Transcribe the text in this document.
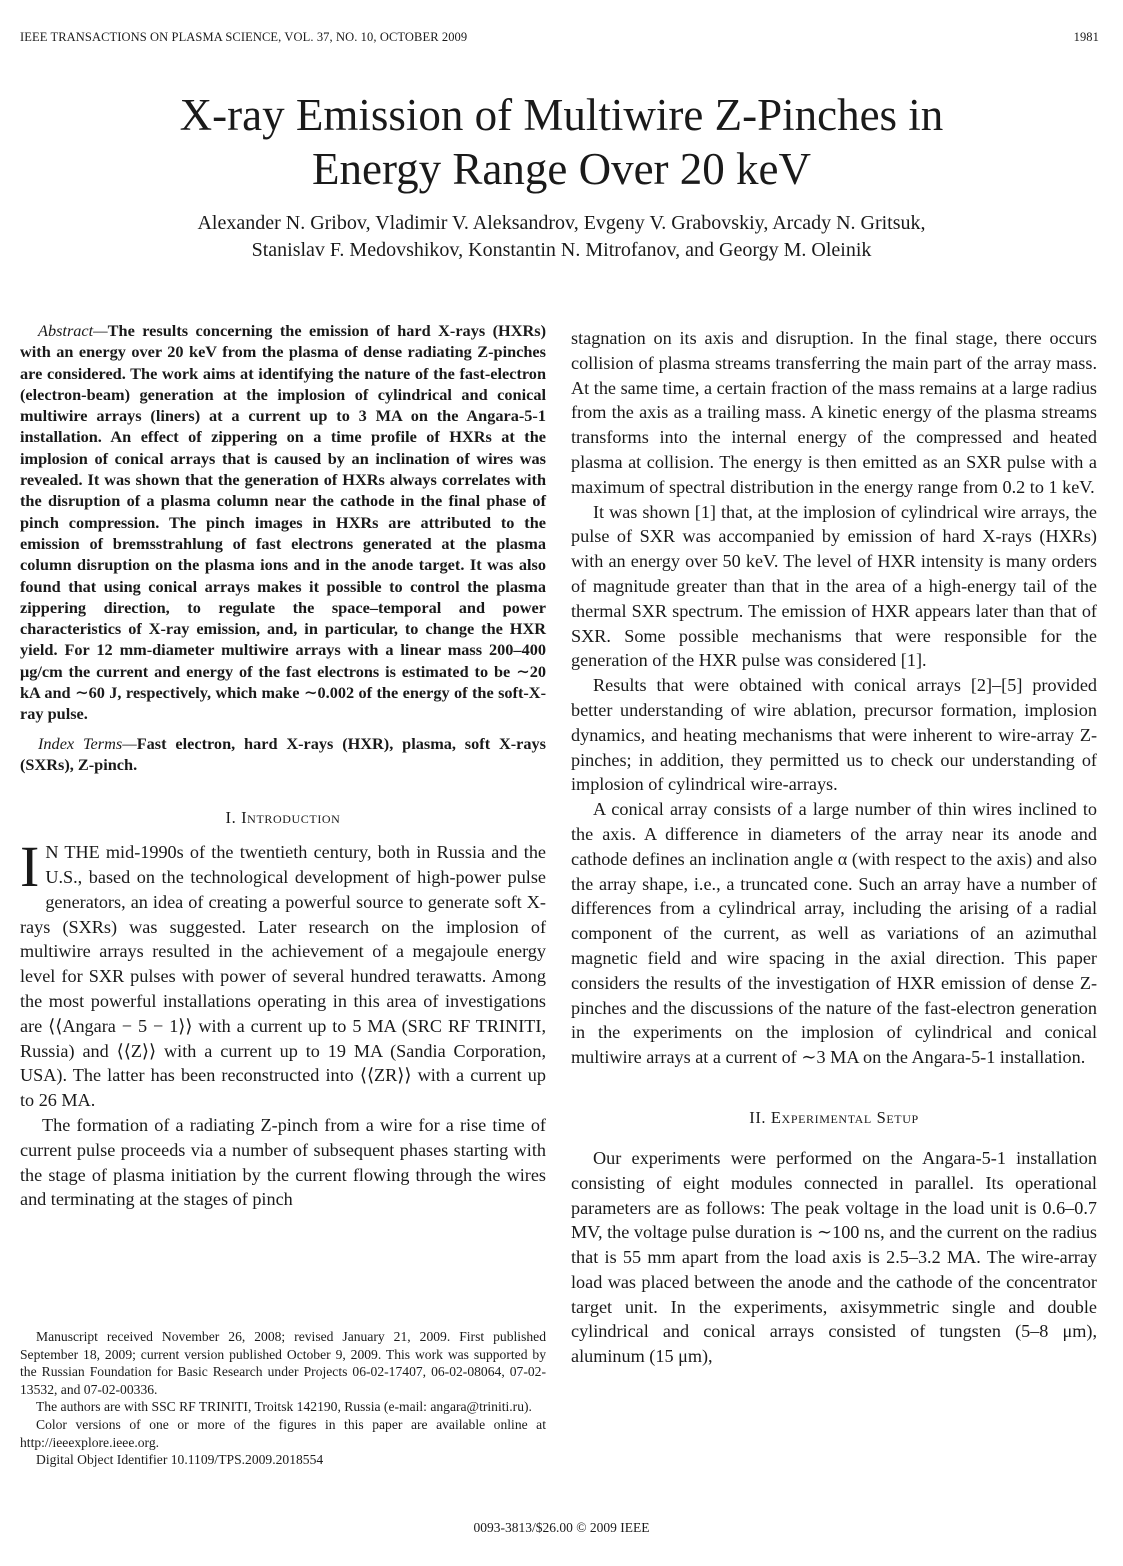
IEEE TRANSACTIONS ON PLASMA SCIENCE, VOL. 37, NO. 10, OCTOBER 2009	1981
X-ray Emission of Multiwire Z-Pinches in
Energy Range Over 20 keV
Alexander N. Gribov, Vladimir V. Aleksandrov, Evgeny V. Grabovskiy, Arcady N. Gritsuk,
Stanislav F. Medovshikov, Konstantin N. Mitrofanov, and Georgy M. Oleinik

Abstract—The results concerning the emission of hard X-rays (HXRs) with an energy over 20 keV from the plasma of dense radiating Z-pinches are considered. The work aims at identifying the nature of the fast-electron (electron-beam) generation at the implosion of cylindrical and conical multiwire arrays (liners) at a current up to 3 MA on the Angara-5-1 installation. An effect of zippering on a time profile of HXRs at the implosion of conical arrays that is caused by an inclination of wires was revealed. It was shown that the generation of HXRs always correlates with the disruption of a plasma column near the cathode in the final phase of pinch compression. The pinch images in HXRs are attributed to the emission of bremsstrahlung of fast electrons generated at the plasma column disruption on the plasma ions and in the anode target. It was also found that using conical arrays makes it possible to control the plasma zippering direction, to regulate the space–temporal and power characteristics of X-ray emission, and, in particular, to change the HXR yield. For 12 mm-diameter multiwire arrays with a linear mass 200–400 μg/cm the current and energy of the fast electrons is estimated to be ∼20 kA and ∼60 J, respectively, which make ∼0.002 of the energy of the soft-X-ray pulse.

Index Terms—Fast electron, hard X-rays (HXR), plasma, soft X-rays (SXRs), Z-pinch.

I. Introduction

I N THE mid-1990s of the twentieth century, both in Russia and the U.S., based on the technological development of high-power pulse generators, an idea of creating a powerful source to generate soft X-rays (SXRs) was suggested. Later research on the implosion of multiwire arrays resulted in the achievement of a megajoule energy level for SXR pulses with power of several hundred terawatts. Among the most powerful installations operating in this area of investigations are ⟨⟨Angara − 5 − 1⟩⟩ with a current up to 5 MA (SRC RF TRINITI, Russia) and ⟨⟨Z⟩⟩ with a current up to 19 MA (Sandia Corporation, USA). The latter has been reconstructed into ⟨⟨ZR⟩⟩ with a current up to 26 MA.

The formation of a radiating Z-pinch from a wire for a rise time of current pulse proceeds via a number of subsequent phases starting with the stage of plasma initiation by the current flowing through the wires and terminating at the stages of pinch

Manuscript received November 26, 2008; revised January 21, 2009. First published September 18, 2009; current version published October 9, 2009. This work was supported by the Russian Foundation for Basic Research under Projects 06-02-17407, 06-02-08064, 07-02-13532, and 07-02-00336.

The authors are with SSC RF TRINITI, Troitsk 142190, Russia (e-mail: angara@triniti.ru).

Color versions of one or more of the figures in this paper are available online at http://ieeexplore.ieee.org.

Digital Object Identifier 10.1109/TPS.2009.2018554

stagnation on its axis and disruption. In the final stage, there occurs collision of plasma streams transferring the main part of the array mass. At the same time, a certain fraction of the mass remains at a large radius from the axis as a trailing mass. A kinetic energy of the plasma streams transforms into the internal energy of the compressed and heated plasma at collision. The energy is then emitted as an SXR pulse with a maximum of spectral distribution in the energy range from 0.2 to 1 keV.

It was shown [1] that, at the implosion of cylindrical wire arrays, the pulse of SXR was accompanied by emission of hard X-rays (HXRs) with an energy over 50 keV. The level of HXR intensity is many orders of magnitude greater than that in the area of a high-energy tail of the thermal SXR spectrum. The emission of HXR appears later than that of SXR. Some possible mechanisms that were responsible for the generation of the HXR pulse was considered [1].

Results that were obtained with conical arrays [2]–[5] provided better understanding of wire ablation, precursor formation, implosion dynamics, and heating mechanisms that were inherent to wire-array Z-pinches; in addition, they permitted us to check our understanding of implosion of cylindrical wire-arrays.

A conical array consists of a large number of thin wires inclined to the axis. A difference in diameters of the array near its anode and cathode defines an inclination angle α (with respect to the axis) and also the array shape, i.e., a truncated cone. Such an array have a number of differences from a cylindrical array, including the arising of a radial component of the current, as well as variations of an azimuthal magnetic field and wire spacing in the axial direction. This paper considers the results of the investigation of HXR emission of dense Z-pinches and the discussions of the nature of the fast-electron generation in the experiments on the implosion of cylindrical and conical multiwire arrays at a current of ∼3 MA on the Angara-5-1 installation.

II. Experimental Setup

Our experiments were performed on the Angara-5-1 installation consisting of eight modules connected in parallel. Its operational parameters are as follows: The peak voltage in the load unit is 0.6–0.7 MV, the voltage pulse duration is ∼100 ns, and the current on the radius that is 55 mm apart from the load axis is 2.5–3.2 MA. The wire-array load was placed between the anode and the cathode of the concentrator target unit. In the experiments, axisymmetric single and double cylindrical and conical arrays consisted of tungsten (5–8 μm), aluminum (15 μm),

0093-3813/$26.00 © 2009 IEEE
